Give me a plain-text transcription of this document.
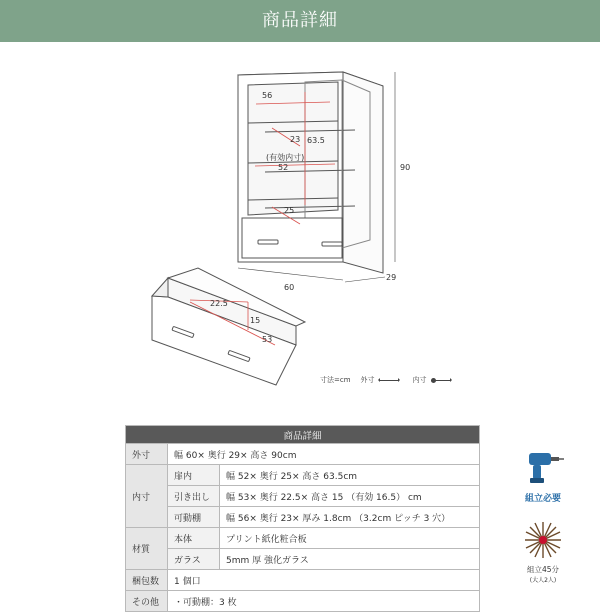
商品詳細
56
23 63.5
(有効内寸)
52
25
90
60
29
22.5
15
53
寸法=cm 外寸	内寸
商品詳細		
外寸	幅 60× 奥行 29× 高さ 90cm	
内寸	扉内	幅 52× 奥行 25× 高さ 63.5cm
	引き出し	幅 53× 奥行 22.5× 高さ 15 （有効 16.5） cm
	可動棚	幅 56× 奥行 23× 厚み 1.8cm （3.2cm ピッチ 3 穴）
材質	本体	プリント紙化粧合板
	ガラス	5mm 厚 強化ガラス
梱包数	1 個口	
その他	・可動棚：3 枚	
組立必要
組立45分
(大人2人)
